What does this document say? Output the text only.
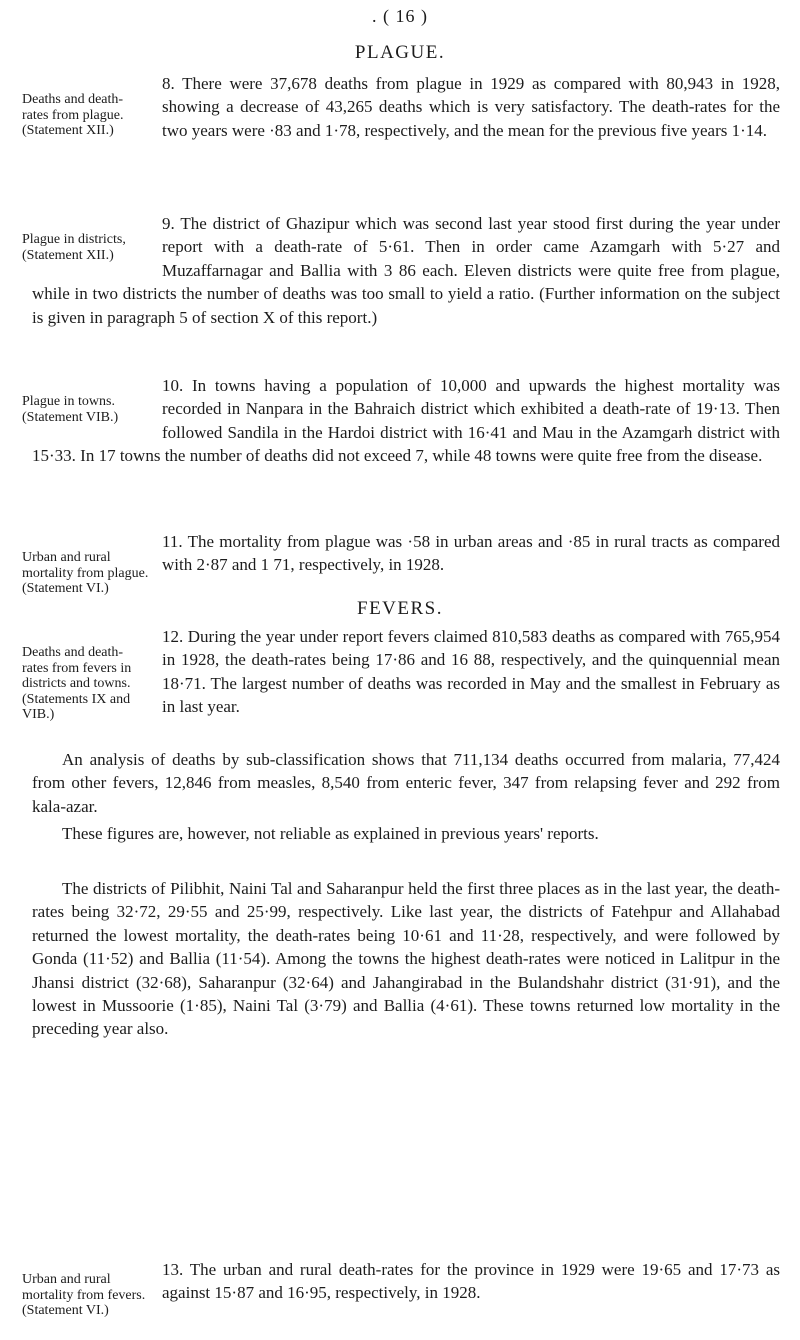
. ( 16 )
PLAGUE.
Deaths and death-
rates from plague.
(Statement XII.)
8. There were 37,678 deaths from plague in 1929 as compared with 80,943 in 1928, showing a decrease of 43,265 deaths which is very satisfactory. The death-rates for the two years were ·83 and 1·78, respectively, and the mean for the previous five years 1·14.
Plague in districts,
(Statement XII.)
9. The district of Ghazipur which was second last year stood first during the year under report with a death-rate of 5·61. Then in order came Azamgarh with 5·27 and Muzaffarnagar and Ballia with 3 86 each. Eleven districts were quite free from plague, while in two districts the number of deaths was too small to yield a ratio. (Further information on the subject is given in paragraph 5 of section X of this report.)
Plague in towns.
(Statement VIB.)
10. In towns having a population of 10,000 and upwards the highest mortality was recorded in Nanpara in the Bahraich district which exhibited a death-rate of 19·13. Then followed Sandila in the Hardoi district with 16·41 and Mau in the Azamgarh district with 15·33. In 17 towns the number of deaths did not exceed 7, while 48 towns were quite free from the disease.
Urban and rural
mortality from plague.
(Statement VI.)
11. The mortality from plague was ·58 in urban areas and ·85 in rural tracts as compared with 2·87 and 1 71, respectively, in 1928.
FEVERS.
Deaths and death-
rates from fevers in
districts and towns.
(Statements IX and
VIB.)
12. During the year under report fevers claimed 810,583 deaths as compared with 765,954 in 1928, the death-rates being 17·86 and 16 88, respectively, and the quinquennial mean 18·71. The largest number of deaths was recorded in May and the smallest in February as in last year.
An analysis of deaths by sub-classification shows that 711,134 deaths occurred from malaria, 77,424 from other fevers, 12,846 from measles, 8,540 from enteric fever, 347 from relapsing fever and 292 from kala-azar.
These figures are, however, not reliable as explained in previous years' reports.
The districts of Pilibhit, Naini Tal and Saharanpur held the first three places as in the last year, the death-rates being 32·72, 29·55 and 25·99, respectively. Like last year, the districts of Fatehpur and Allahabad returned the lowest mortality, the death-rates being 10·61 and 11·28, respectively, and were followed by Gonda (11·52) and Ballia (11·54). Among the towns the highest death-rates were noticed in Lalitpur in the Jhansi district (32·68), Saharanpur (32·64) and Jahangirabad in the Bulandshahr district (31·91), and the lowest in Mussoorie (1·85), Naini Tal (3·79) and Ballia (4·61). These towns returned low mortality in the preceding year also.
Urban and rural
mortality from fevers.
(Statement VI.)
13. The urban and rural death-rates for the province in 1929 were 19·65 and 17·73 as against 15·87 and 16·95, respectively, in 1928.
